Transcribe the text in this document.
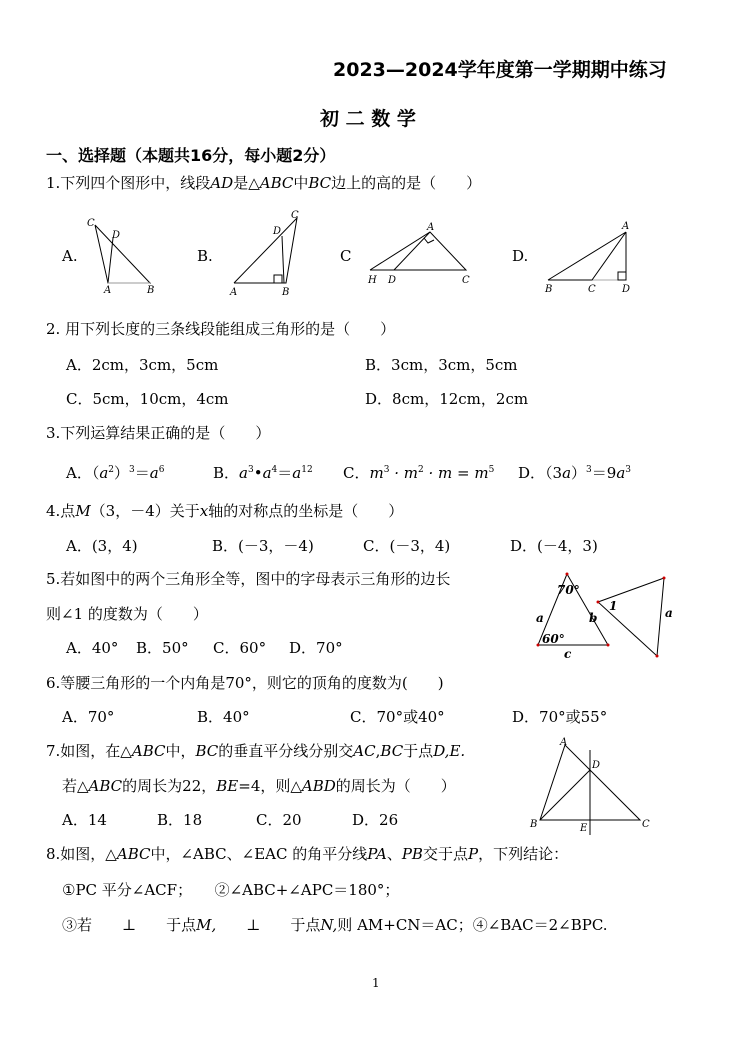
2023—2024学年度第一学期期中练习
初 二 数 学
一、选择题（本题共16分，每小题2分）
1.下列四个图形中，线段AD是△ABC中BC边上的高的是（　　）
A.	B.	C	D.
C
D
A	B
C
D
A	B
A
H D	C
A
B	C	D
2. 用下列长度的三条线段能组成三角形的是（　　）
A．2cm，3cm，5cm	B．3cm，3cm，5cm
C．5cm，10cm，4cm	D．8cm，12cm，2cm
3.下列运算结果正确的是（　　）
A．$(a^2)^3=a^6$	B．$a^3•a^4=a^{12}$ C．$m^3 \cdot m^2 \cdot m = m^5$ D．$(3a)^3=9a^3$
4.点M（3，－4）关于x轴的对称点的坐标是（　　）
A．(3，4)	B．(－3，－4)	C．(－3，4)	D．(－4，3)
5.若如图中的两个三角形全等，图中的字母表示三角形的边长
则∠1 的度数为（　　）
A．40° B．50° C．60° D．70°
a	b
c
70°
60°
1	a
6.等腰三角形的一个内角是70°，则它的顶角的度数为(　　)
A．70°	B．40°	C．70°或40°	D．70°或55°
7.如图，在△ABC中，BC的垂直平分线分别交AC,BC于点D,E.
若△ABC的周长为22，BE=4，则△ABD的周长为（　　）
A．14	B．18	C．20	D．26
A
B	C
D
E
8.如图，△ABC中，∠ABC、∠EAC 的角平分线PA、PB交于点P，下列结论：
①PC 平分∠ACF；　　②∠ABC+∠APC＝180°；
③若　　⊥　　于点M,　　⊥　　于点N,则 AM+CN＝AC；④∠BAC＝2∠BPC.
1
